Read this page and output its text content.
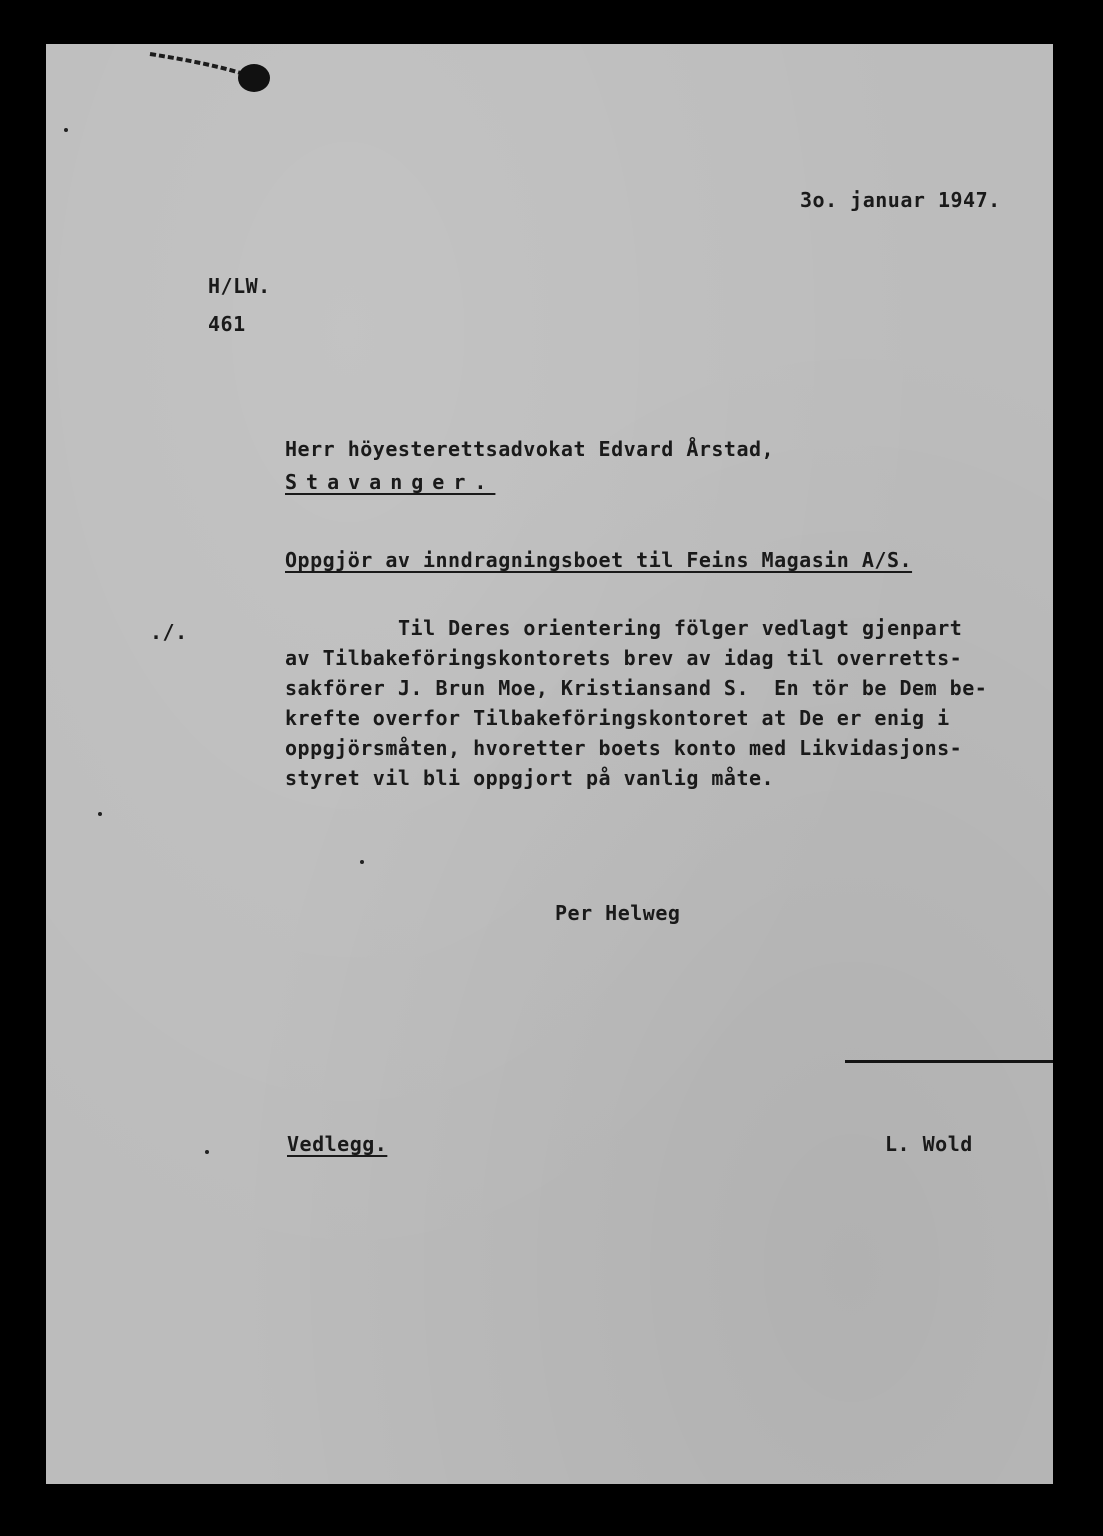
3o. januar 1947.
H/LW.
461
Herr höyesterettsadvokat Edvard Årstad,
Stavanger.
Oppgjör av inndragningsboet til Feins Magasin A/S.
./.

	Til Deres orientering fölger vedlagt gjenpart

av Tilbakeföringskontorets brev av idag til overretts-

sakförer J. Brun Moe, Kristiansand S.  En tör be Dem be-

krefte overfor Tilbakeföringskontoret at De er enig i

oppgjörsmåten, hvoretter boets konto med Likvidasjons-

styret vil bli oppgjort på vanlig måte.

Per Helweg
Vedlegg.	L. Wold
